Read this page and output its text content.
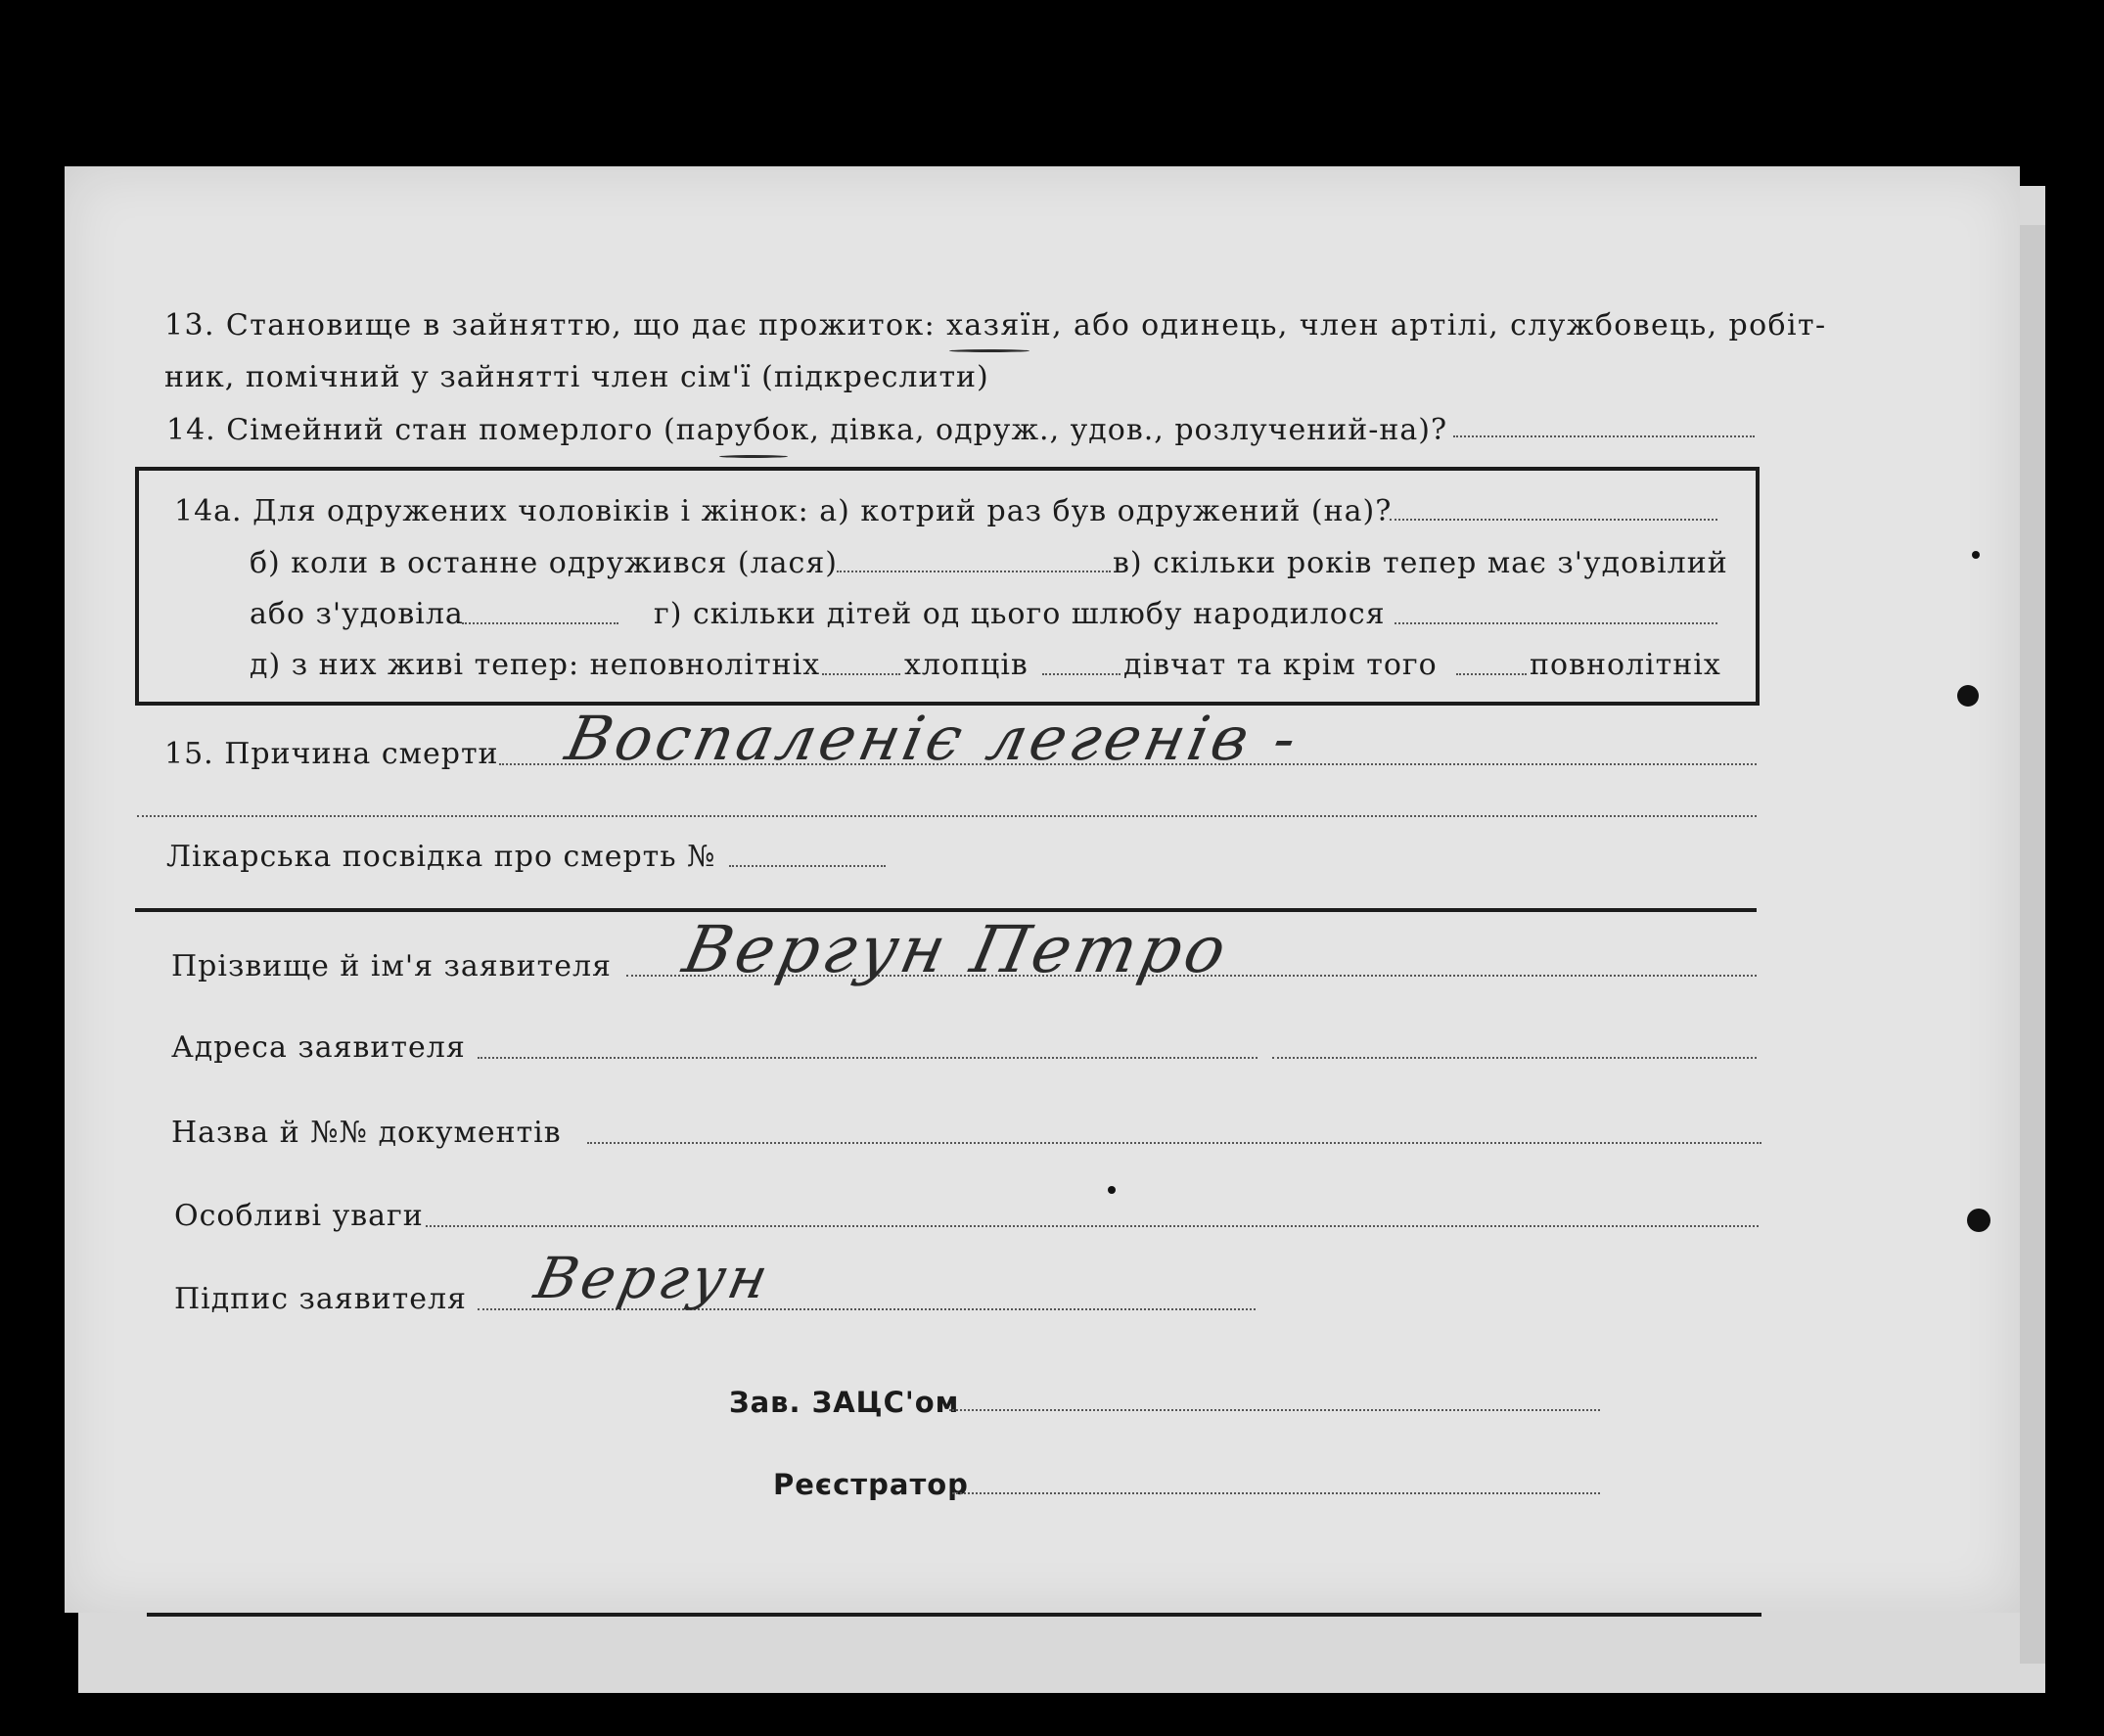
13. Становище в зайняттю, що дає прожиток: хазяїн, або одинець, член артілі, службовець, робіт-
ник, помічний у зайнятті член сім'ї (підкреслити)
14. Сімейний стан померлого (парубок, дівка, одруж., удов., розлучений-на)?
14а. Для одружених чоловіків і жінок: а) котрий раз був одружений (на)?
б) коли в останне одружився (лася)	в) скільки років тепер має з'удовілий
або з'удовіла	г) скільки дітей од цього шлюбу народилося
д) з них живі тепер: неповнолітніх	хлопців	дівчат та крім того	повнолітніх
15. Причина смерти Воспаленіє легенів -
Лікарська посвідка про смерть №
Прізвище й ім'я заявителя Вергун Петро
Адреса заявителя
Назва й №№ документів
Особливі уваги
Підпис заявителя Вергун
Зав. ЗАЦС'ом
Реєстратор
